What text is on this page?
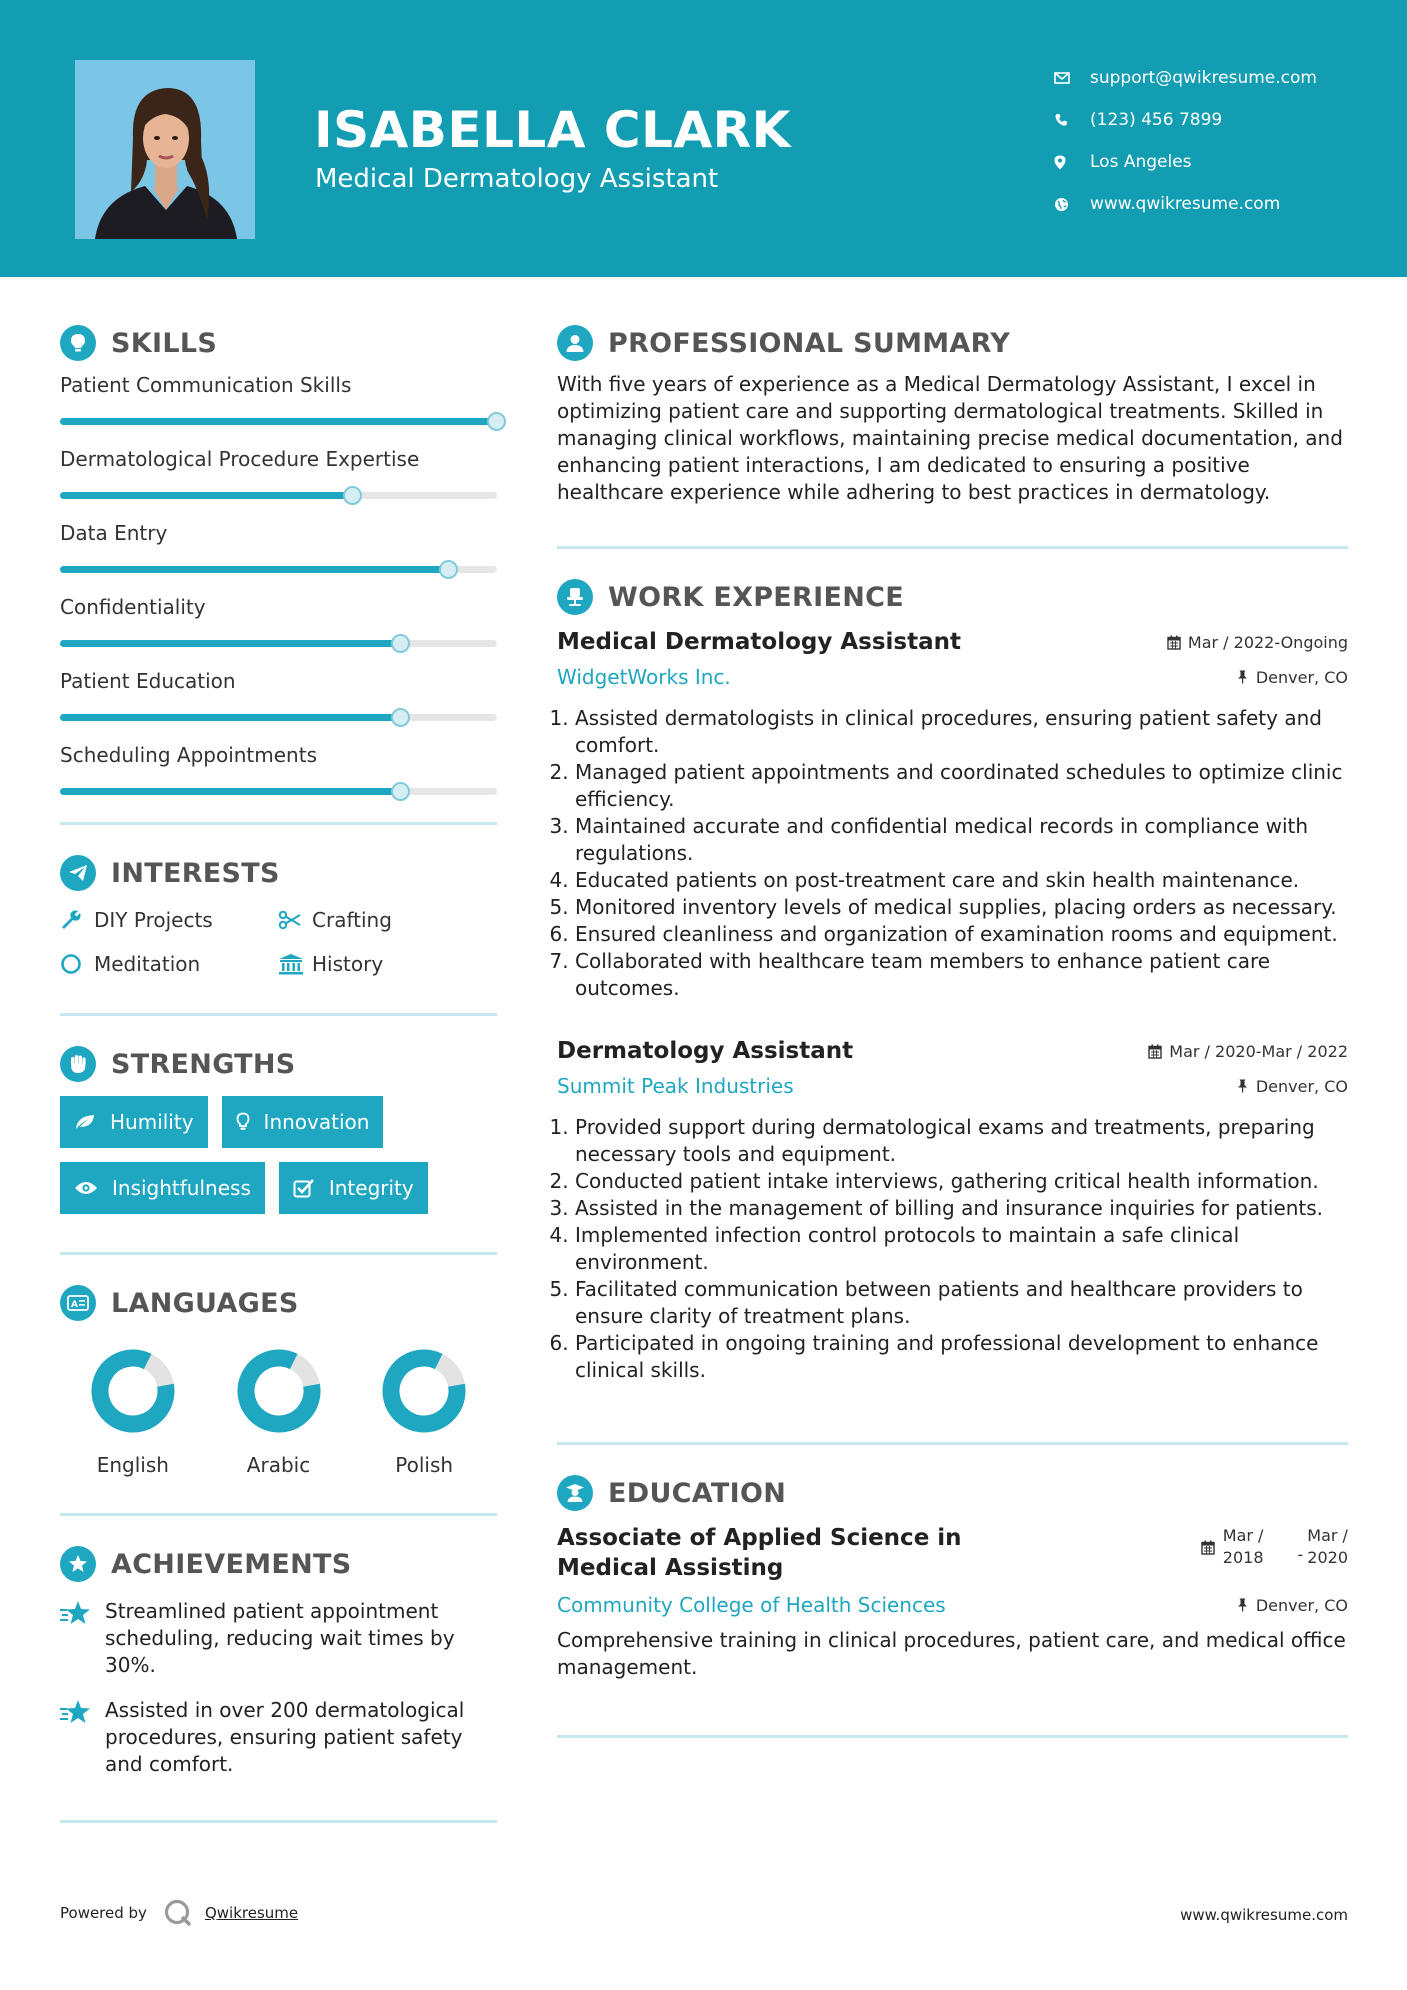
ISABELLA CLARK
Medical Dermatology Assistant
support@qwikresume.com
(123) 456 7899
Los Angeles
www.qwikresume.com
SKILLS
Patient Communication Skills
Dermatological Procedure Expertise
Data Entry
Confidentiality
Patient Education
Scheduling Appointments
INTERESTS
DIY Projects	Crafting
Meditation	History
STRENGTHS
Humility	Innovation
Insightfulness	Integrity
A LANGUAGES
English	Arabic	Polish
ACHIEVEMENTS
Streamlined patient appointment scheduling, reducing wait times by 30%.
Assisted in over 200 dermatological procedures, ensuring patient safety and comfort.
PROFESSIONAL SUMMARY

With five years of experience as a Medical Dermatology Assistant, I excel in optimizing patient care and supporting dermatological treatments. Skilled in managing clinical workflows, maintaining precise medical documentation, and enhancing patient interactions, I am dedicated to ensuring a positive healthcare experience while adhering to best practices in dermatology.

WORK EXPERIENCE
Medical Dermatology Assistant	Mar / 2022-Ongoing
WidgetWorks Inc.	Denver, CO
1. Assisted dermatologists in clinical procedures, ensuring patient safety and comfort.
2. Managed patient appointments and coordinated schedules to optimize clinic efficiency.
3. Maintained accurate and confidential medical records in compliance with regulations.
4. Educated patients on post-treatment care and skin health maintenance.
5. Monitored inventory levels of medical supplies, placing orders as necessary.
6. Ensured cleanliness and organization of examination rooms and equipment.
7. Collaborated with healthcare team members to enhance patient care outcomes.
Dermatology Assistant	Mar / 2020-Mar / 2022
Summit Peak Industries	Denver, CO
1. Provided support during dermatological exams and treatments, preparing necessary tools and equipment.
2. Conducted patient intake interviews, gathering critical health information.
3. Assisted in the management of billing and insurance inquiries for patients.
4. Implemented infection control protocols to maintain a safe clinical environment.
5. Facilitated communication between patients and healthcare providers to ensure clarity of treatment plans.
6. Participated in ongoing training and professional development to enhance clinical skills.
EDUCATION
Associate of Applied Science in Medical Assisting
Mar /
2018 -
Mar /
2020
Community College of Health Sciences	Denver, CO

Comprehensive training in clinical procedures, patient care, and medical office management.

Powered by	Qwikresume	www.qwikresume.com
